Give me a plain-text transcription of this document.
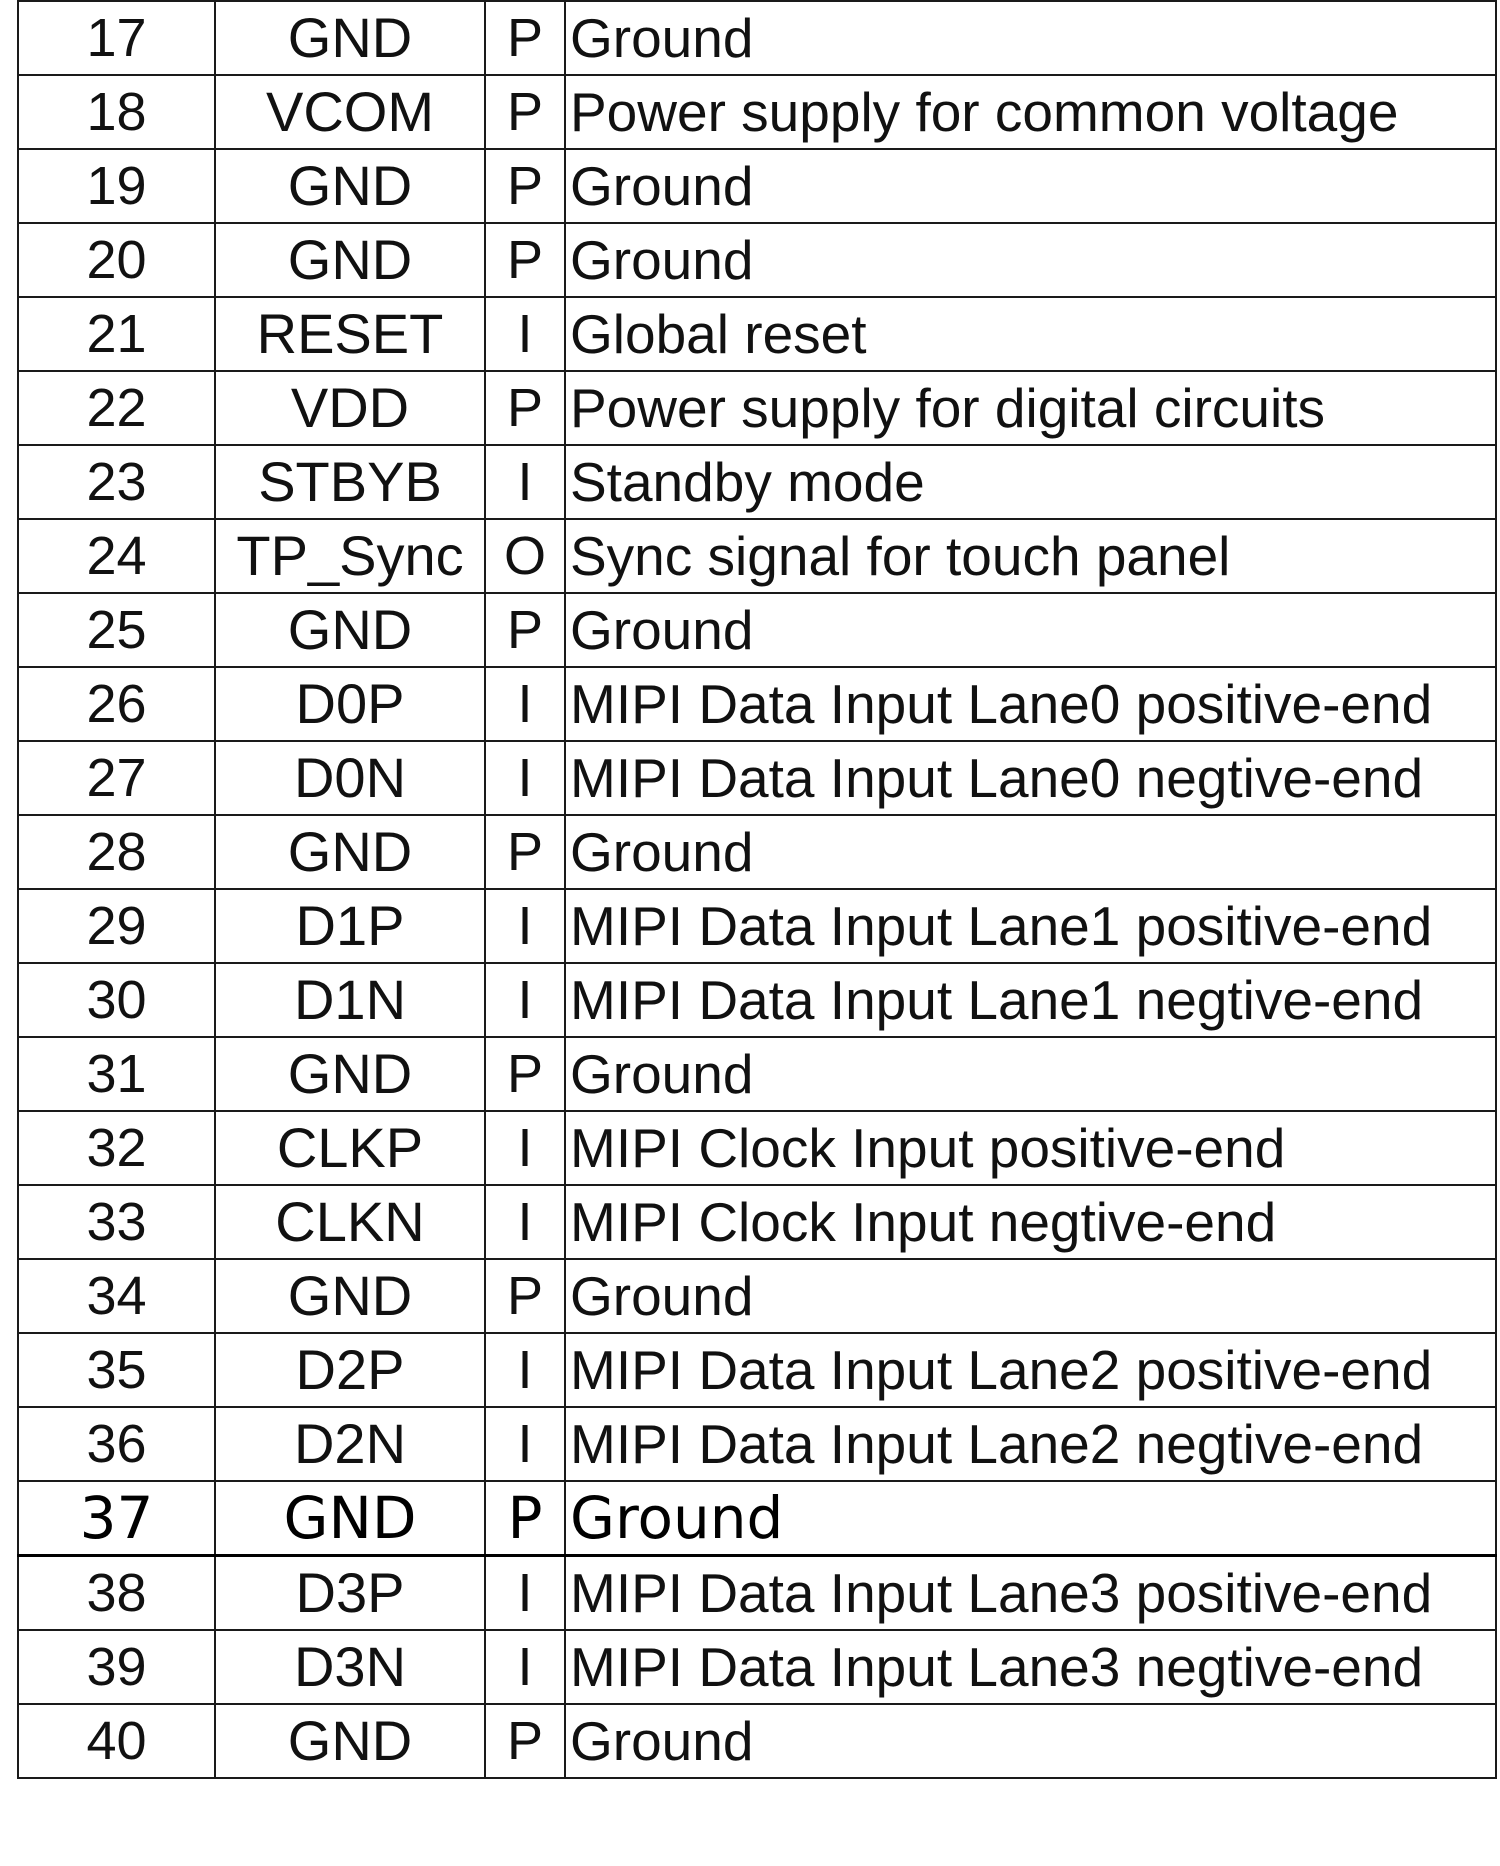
17	GND	P	Ground
18	VCOM	P	Power supply for common voltage
19	GND	P	Ground
20	GND	P	Ground
21	RESET	I	Global reset
22	VDD	P	Power supply for digital circuits
23	STBYB	I	Standby mode
24	TP_Sync	O	Sync signal for touch panel
25	GND	P	Ground
26	D0P	I	MIPI Data Input Lane0 positive-end
27	D0N	I	MIPI Data Input Lane0 negtive-end
28	GND	P	Ground
29	D1P	I	MIPI Data Input Lane1 positive-end
30	D1N	I	MIPI Data Input Lane1 negtive-end
31	GND	P	Ground
32	CLKP	I	MIPI Clock Input positive-end
33	CLKN	I	MIPI Clock Input negtive-end
34	GND	P	Ground
35	D2P	I	MIPI Data Input Lane2 positive-end
36	D2N	I	MIPI Data Input Lane2 negtive-end
37	GND	P	Ground
38	D3P	I	MIPI Data Input Lane3 positive-end
39	D3N	I	MIPI Data Input Lane3 negtive-end
40	GND	P	Ground
